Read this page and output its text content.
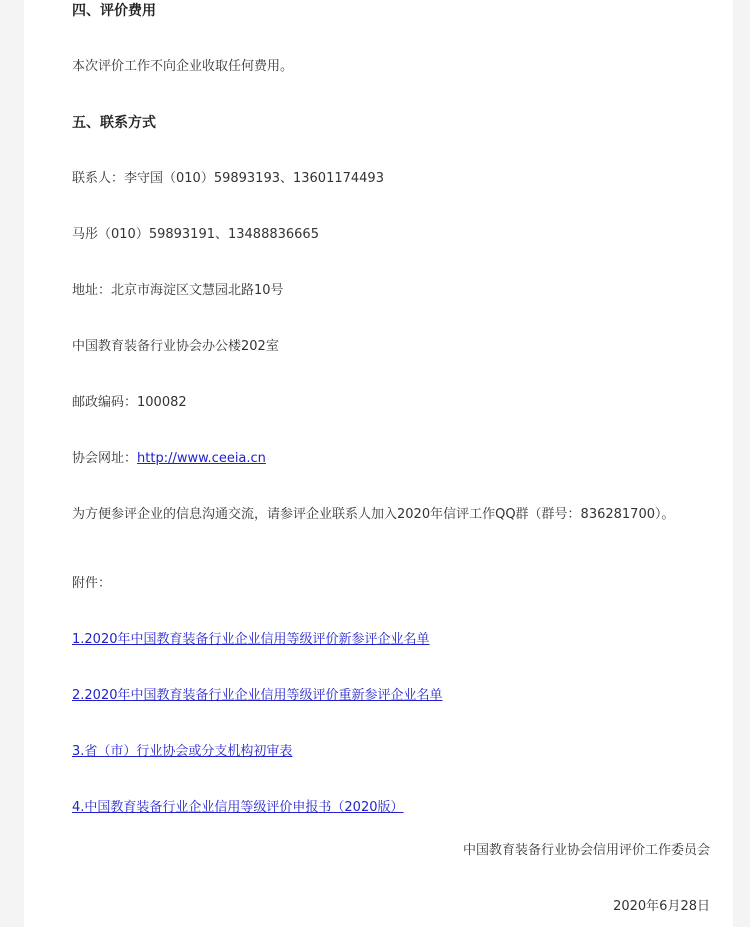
四、评价费用

本次评价工作不向企业收取任何费用。

五、联系方式

联系人：李守国（010）59893193、13601174493

马彤（010）59893191、13488836665

地址：北京市海淀区文慧园北路10号

中国教育装备行业协会办公楼202室

邮政编码：100082

协会网址：http://www.ceeia.cn

为方便参评企业的信息沟通交流，请参评企业联系人加入2020年信评工作QQ群（群号：836281700）。

附件：

1.2020年中国教育装备行业企业信用等级评价新参评企业名单

2.2020年中国教育装备行业企业信用等级评价重新参评企业名单

3.省（市）行业协会或分支机构初审表

4.中国教育装备行业企业信用等级评价申报书（2020版）

中国教育装备行业协会信用评价工作委员会

2020年6月28日
